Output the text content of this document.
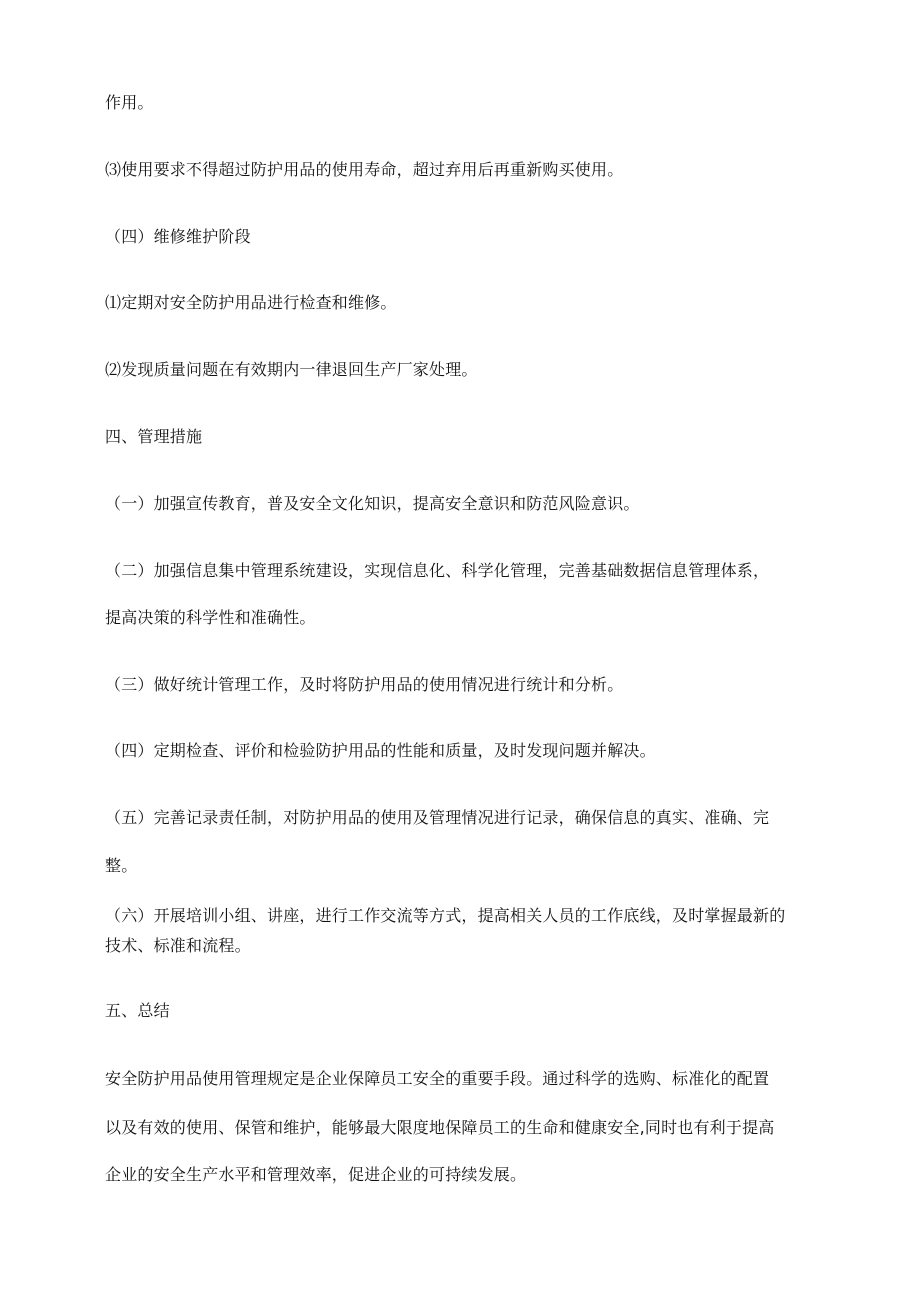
作用。
⑶使用要求不得超过防护用品的使用寿命，超过弃用后再重新购买使用。
（四）维修维护阶段
⑴定期对安全防护用品进行检查和维修。
⑵发现质量问题在有效期内一律退回生产厂家处理。
四、管理措施
（一）加强宣传教育，普及安全文化知识，提高安全意识和防范风险意识。
（二）加强信息集中管理系统建设，实现信息化、科学化管理，完善基础数据信息管理体系，
提高决策的科学性和准确性。
（三）做好统计管理工作，及时将防护用品的使用情况进行统计和分析。
（四）定期检查、评价和检验防护用品的性能和质量，及时发现问题并解决。
（五）完善记录责任制，对防护用品的使用及管理情况进行记录，确保信息的真实、准确、完
整。
（六）开展培训小组、讲座，进行工作交流等方式，提高相关人员的工作底线，及时掌握最新的
技术、标准和流程。
五、总结
安全防护用品使用管理规定是企业保障员工安全的重要手段。通过科学的选购、标准化的配置
以及有效的使用、保管和维护，能够最大限度地保障员工的生命和健康安全,同时也有利于提高
企业的安全生产水平和管理效率，促进企业的可持续发展。
